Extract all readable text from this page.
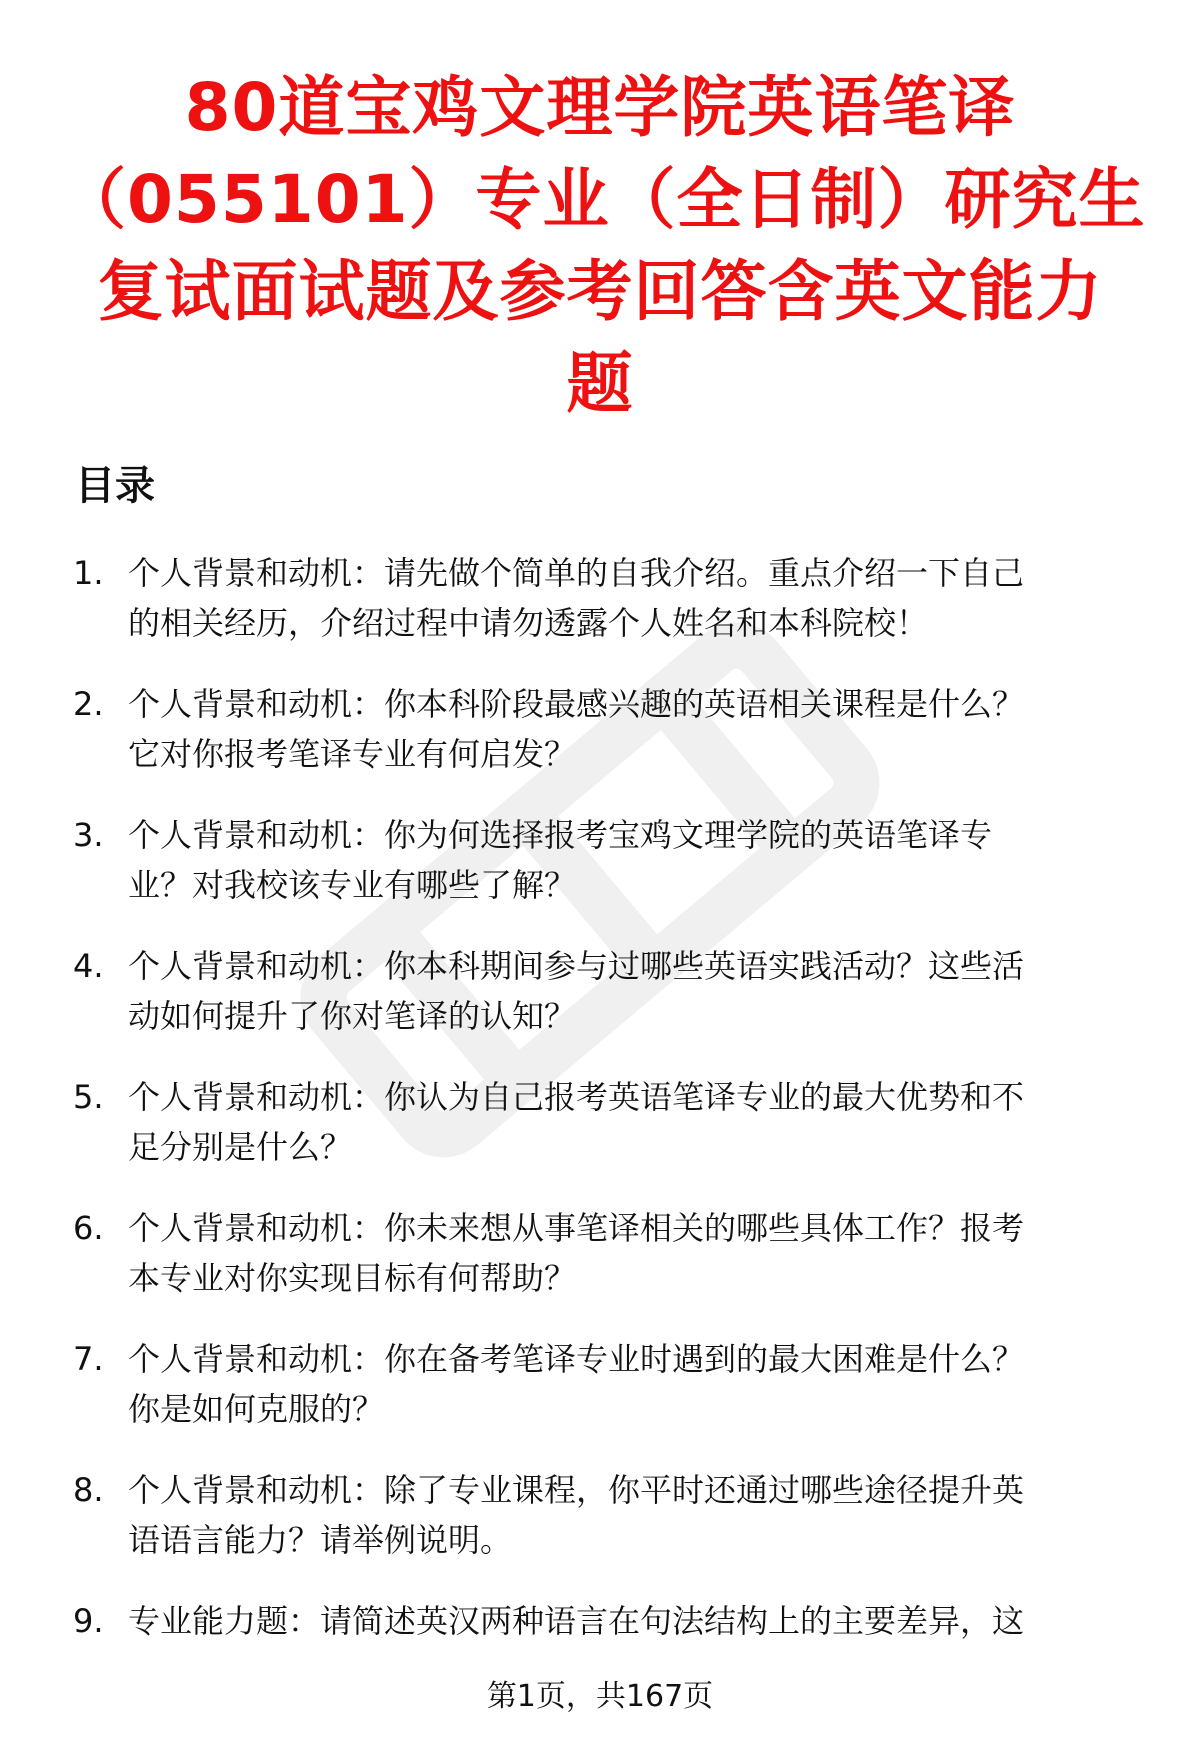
80道宝鸡文理学院英语笔译
（055101）专业（全日制）研究生
复试面试题及参考回答含英文能力
题
目录
1. 个人背景和动机：请先做个简单的自我介绍。重点介绍一下自己
的相关经历，介绍过程中请勿透露个人姓名和本科院校！
2. 个人背景和动机：你本科阶段最感兴趣的英语相关课程是什么？
它对你报考笔译专业有何启发？
3. 个人背景和动机：你为何选择报考宝鸡文理学院的英语笔译专
业？对我校该专业有哪些了解？
4. 个人背景和动机：你本科期间参与过哪些英语实践活动？这些活
动如何提升了你对笔译的认知？
5. 个人背景和动机：你认为自己报考英语笔译专业的最大优势和不
足分别是什么？
6. 个人背景和动机：你未来想从事笔译相关的哪些具体工作？报考
本专业对你实现目标有何帮助？
7. 个人背景和动机：你在备考笔译专业时遇到的最大困难是什么？
你是如何克服的？
8. 个人背景和动机：除了专业课程，你平时还通过哪些途径提升英
语语言能力？请举例说明。
9. 专业能力题：请简述英汉两种语言在句法结构上的主要差异，这
第1页，共167页
